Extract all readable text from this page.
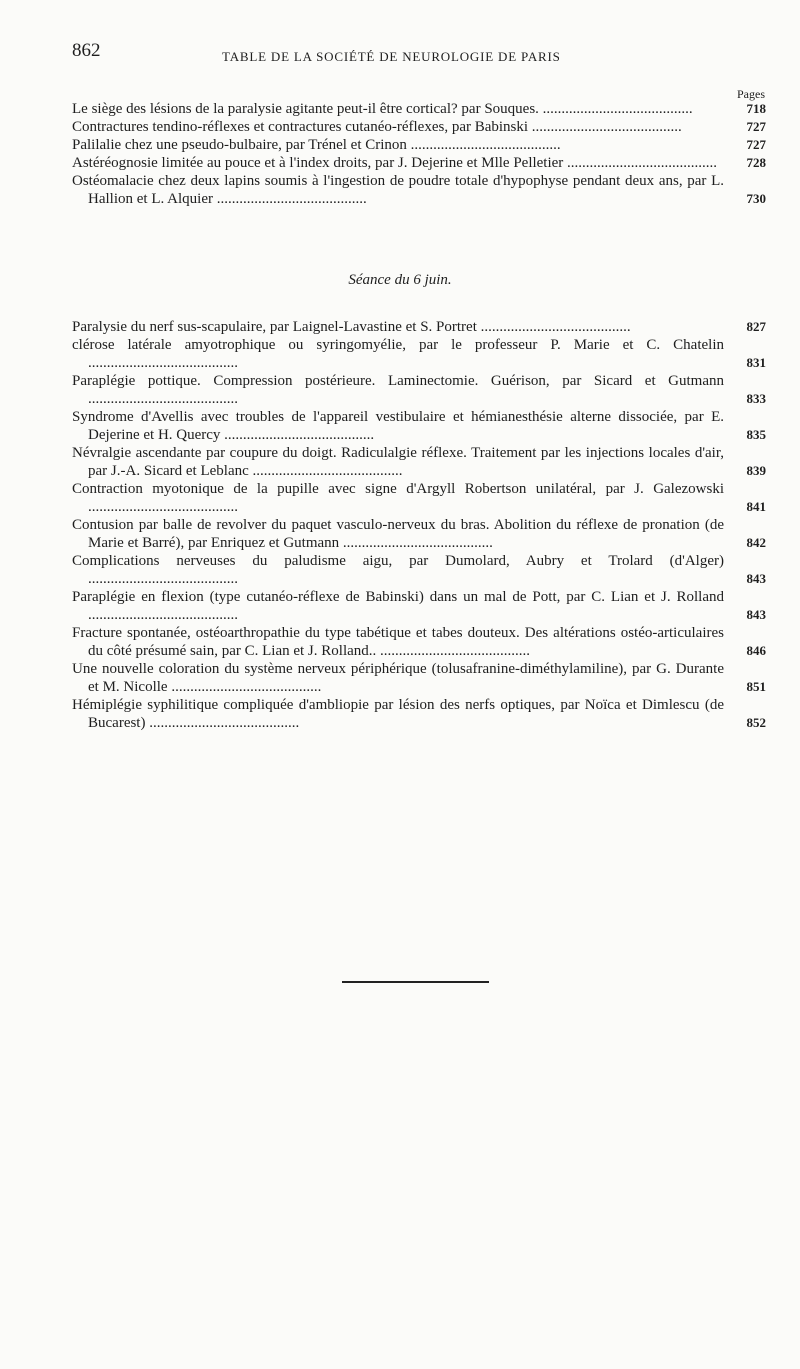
862	TABLE DE LA SOCIÉTÉ DE NEUROLOGIE DE PARIS
Pages
Le siège des lésions de la paralysie agitante peut-il être cortical? par Souques. ........................................	718
Contractures tendino-réflexes et contractures cutanéo-réflexes, par Babinski ........................................	727
Palilalie chez une pseudo-bulbaire, par Trénel et Crinon ........................................	727
Astéréognosie limitée au pouce et à l'index droits, par J. Dejerine et Mlle Pelletier ........................................ 728
Ostéomalacie chez deux lapins soumis à l'ingestion de poudre totale d'hypophyse pendant deux ans, par L. Hallion et L. Alquier ........................................	730
Séance du 6 juin.
Paralysie du nerf sus-scapulaire, par Laignel-Lavastine et S. Portret ........................................	827
clérose latérale amyotrophique ou syringomyélie, par le professeur P. Marie et C. Chatelin ........................................	831
Paraplégie pottique. Compression postérieure. Laminectomie. Guérison, par Sicard et Gutmann ........................................	833
Syndrome d'Avellis avec troubles de l'appareil vestibulaire et hémianesthésie alterne dissociée, par E. Dejerine et H. Quercy ........................................	835
Névralgie ascendante par coupure du doigt. Radiculalgie réflexe. Traitement par les injections locales d'air, par J.-A. Sicard et Leblanc ........................................	839
Contraction myotonique de la pupille avec signe d'Argyll Robertson unilatéral, par J. Galezowski ........................................	841
Contusion par balle de revolver du paquet vasculo-nerveux du bras. Abolition du réflexe de pronation (de Marie et Barré), par Enriquez et Gutmann ........................................	842
Complications nerveuses du paludisme aigu, par Dumolard, Aubry et Trolard (d'Alger) ........................................	843
Paraplégie en flexion (type cutanéo-réflexe de Babinski) dans un mal de Pott, par C. Lian et J. Rolland ........................................	843
Fracture spontanée, ostéoarthropathie du type tabétique et tabes douteux. Des altérations ostéo-articulaires du côté présumé sain, par C. Lian et J. Rolland.. ........................................	846
Une nouvelle coloration du système nerveux périphérique (tolusafranine-diméthylamiline), par G. Durante et M. Nicolle ........................................	851
Hémiplégie syphilitique compliquée d'ambliopie par lésion des nerfs optiques, par Noïca et Dimlescu (de Bucarest) ........................................	852
